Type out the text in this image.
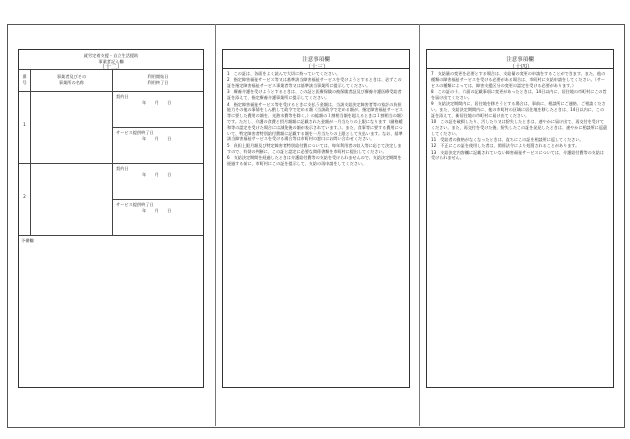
（十二）
就労定着支援・自立生活援助
事業者記入欄
番
号
事業者及びその
事業所の名称
利用開始日
利用終了日
1
契約日
年　　月　　日
サービス提供終了日
年　　月　　日
2
契約日
年　　月　　日
サービス提供終了日
年　　月　　日
予備欄
（十三）
注意事項欄

1　この証は、各面をよく読んで大切に持っていてください。

2　指定障害福祉サービス等又は基準該当障害福祉サービスを受けようとするときは、必ずこの証を指定障害福祉サービス事業者等又は基準該当事業所に提示してください。

3　療養介護を受けようとするときは、この証と医療保険の被保険者証及び療養介護医療受給者証を添えて、指定療養介護事業所に提示してください。

4　指定障害福祉サービス等を受けるときに支払う金額は、当該支給決定障害者等の家計の負担能力その他の事情をしん酌して政令で定める額（当該政令で定める額が、指定障害福祉サービス等に要した費用の額を、光熱水費等を除く。）の総額の１割相当額を超えるときは１割相当の額）です。ただし、介護の食費と摂月額額に記載された金額が一月当たりの上限になります（厳格緩和等の認定を受けた場合には減免後の額が表示されています。）。また、食事等に要する費用について、特定障害者特別給付費額に記載する額を一月当たりの上限として支払います。なお、基準該当障害福祉サービスを受ける場合等は市町村の窓口にお問い合わせください。

5　負担上限月額及び特定障害者特別給付費については、毎年利用者の収入等に応じて決定しますので、有効の判断に、この証と認定に必要な関係書類を市町村に提出してください。

6　支給決定期間を経過したときは介護給付費等の支給を受けられませんので、支給決定期間を経過する前に、市町村にこの証を提示して、支給の再申請をしてください。

（十四）
注意事項欄

7　支給量の変更を必要とする場合は、支給量の変更の申請をすることができます。また、他の種類の障害福祉サービスを受ける必要がある場合は、市町村に支給申請をしてください。（サービスの種類によっては、障害支援区分の変更の認定を受ける必要があります。）

8　この証の十、六面の記載事項に変更があったときは、14日以内に、居住地の市町村にこの旨を届け出てください。

9　支給決定期間内に、居住地を移そうとする場合は、事前に、相談所にご連絡、ご相談ください。また、支給決定期間内に、他の市町村の区域に居住地を移したときは、14日以内に、この証を添えて、新居住地の市町村に届け出てください。

10　この証を破損したり、汚したり又は紛失したときは、速やかに届け出て、再交付を受けてください。また、再交付を受けた後、紛失したこの証を発見したときは、速やかに相談所に返還してください。

11　受給者の資格がなくなったときは、直ちにこの証を相談所に返してください。

12　不正にこの証を使用した者は、関係法令により処罰されることがあります。

13　支給決定内容欄に記載されていない障害福祉サービスについては、介護給付費等の支給は受けられません。
